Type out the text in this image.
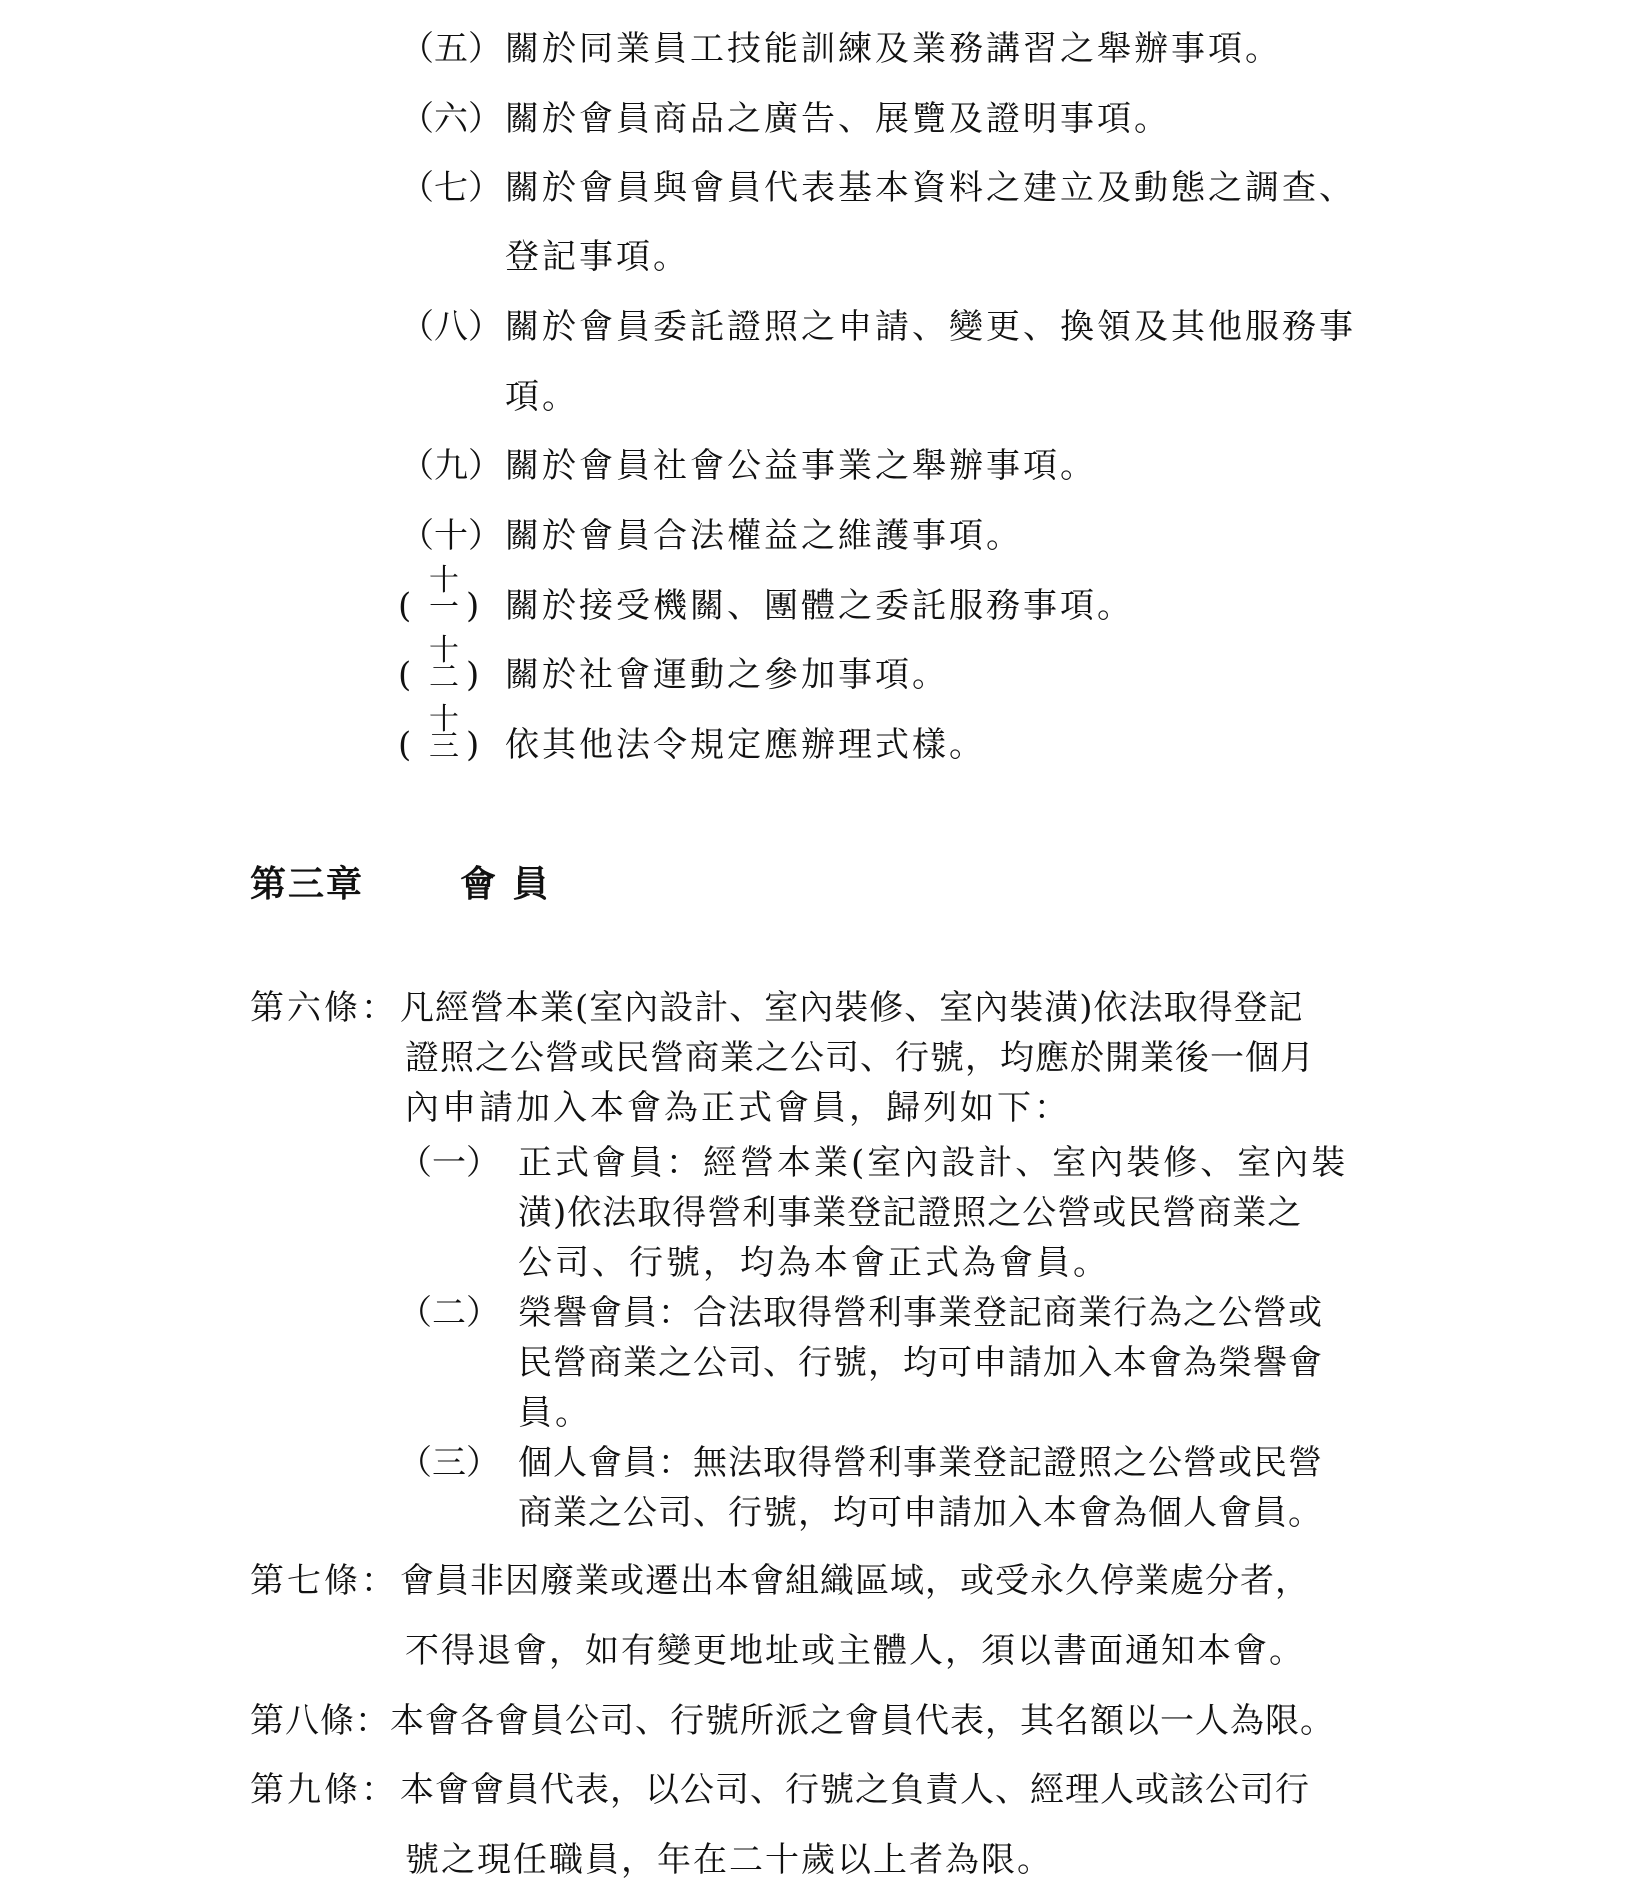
（五） 關於同業員工技能訓練及業務講習之舉辦事項。
（六） 關於會員商品之廣告、展覽及證明事項。
（七） 關於會員與會員代表基本資料之建立及動態之調查、
登記事項。
（八） 關於會員委託證照之申請、變更、換領及其他服務事
項。
（九） 關於會員社會公益事業之舉辦事項。
（十） 關於會員合法權益之維護事項。
(
十
一 ) 關於接受機關、團體之委託服務事項。
(
十
二 ) 關於社會運動之參加事項。
(
十
三 ) 依其他法令規定應辦理式樣。
第三章	會 員
第六條： 凡經營本業(室內設計、室內裝修、室內裝潢)依法取得登記
證照之公營或民營商業之公司、行號，均應於開業後一個月
內申請加入本會為正式會員，歸列如下：
（一） 正式會員：經營本業(室內設計、室內裝修、室內裝
潢)依法取得營利事業登記證照之公營或民營商業之
公司、行號，均為本會正式為會員。
（二） 榮譽會員：合法取得營利事業登記商業行為之公營或
民營商業之公司、行號，均可申請加入本會為榮譽會
員。
（三） 個人會員：無法取得營利事業登記證照之公營或民營
商業之公司、行號，均可申請加入本會為個人會員。
第七條： 會員非因廢業或遷出本會組織區域，或受永久停業處分者，
不得退會，如有變更地址或主體人，須以書面通知本會。
第八條： 本會各會員公司、行號所派之會員代表，其名額以一人為限。
第九條： 本會會員代表，以公司、行號之負責人、經理人或該公司行
號之現任職員，年在二十歲以上者為限。
